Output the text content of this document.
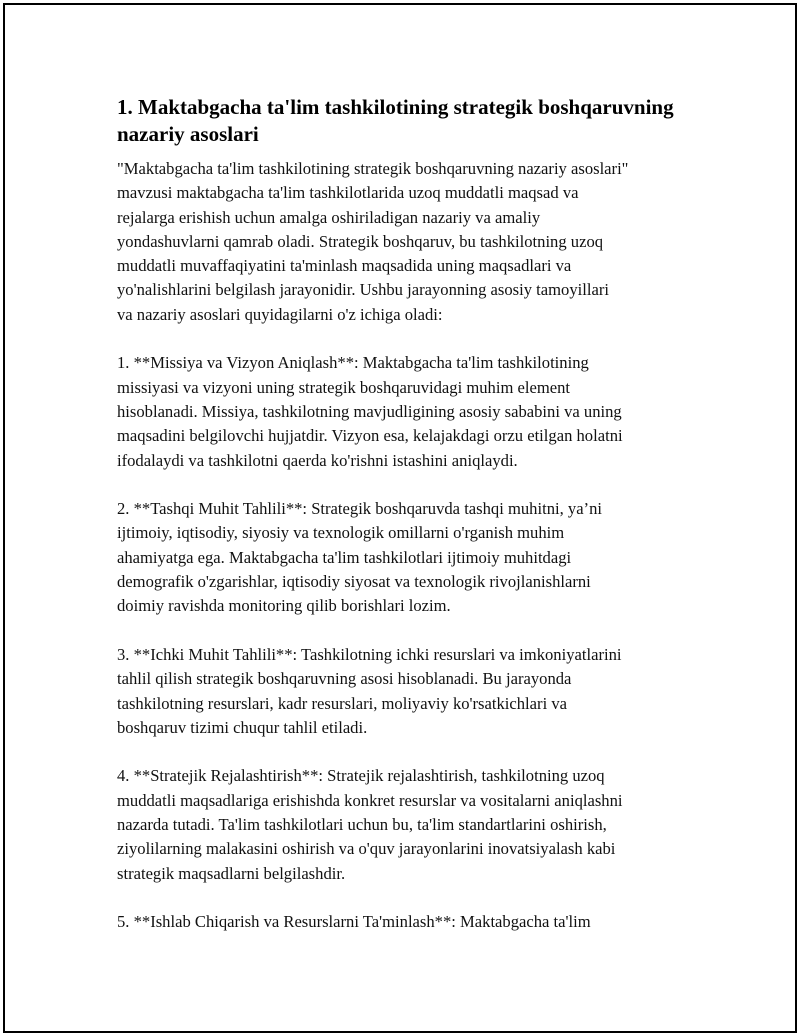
1. Maktabgacha ta'lim tashkilotining strategik boshqaruvning
nazariy asoslari

"Maktabgacha ta'lim tashkilotining strategik boshqaruvning nazariy asoslari"
mavzusi maktabgacha ta'lim tashkilotlarida uzoq muddatli maqsad va
rejalarga erishish uchun amalga oshiriladigan nazariy va amaliy
yondashuvlarni qamrab oladi. Strategik boshqaruv, bu tashkilotning uzoq
muddatli muvaffaqiyatini ta'minlash maqsadida uning maqsadlari va
yo'nalishlarini belgilash jarayonidir. Ushbu jarayonning asosiy tamoyillari
va nazariy asoslari quyidagilarni o'z ichiga oladi:

1. **Missiya va Vizyon Aniqlash**: Maktabgacha ta'lim tashkilotining
missiyasi va vizyoni uning strategik boshqaruvidagi muhim element
hisoblanadi. Missiya, tashkilotning mavjudligining asosiy sababini va uning
maqsadini belgilovchi hujjatdir. Vizyon esa, kelajakdagi orzu etilgan holatni
ifodalaydi va tashkilotni qaerda ko'rishni istashini aniqlaydi.

2. **Tashqi Muhit Tahlili**: Strategik boshqaruvda tashqi muhitni, ya’ni
ijtimoiy, iqtisodiy, siyosiy va texnologik omillarni o'rganish muhim
ahamiyatga ega. Maktabgacha ta'lim tashkilotlari ijtimoiy muhitdagi
demografik o'zgarishlar, iqtisodiy siyosat va texnologik rivojlanishlarni
doimiy ravishda monitoring qilib borishlari lozim.

3. **Ichki Muhit Tahlili**: Tashkilotning ichki resurslari va imkoniyatlarini
tahlil qilish strategik boshqaruvning asosi hisoblanadi. Bu jarayonda
tashkilotning resurslari, kadr resurslari, moliyaviy ko'rsatkichlari va
boshqaruv tizimi chuqur tahlil etiladi.

4. **Stratejik Rejalashtirish**: Stratejik rejalashtirish, tashkilotning uzoq
muddatli maqsadlariga erishishda konkret resurslar va vositalarni aniqlashni
nazarda tutadi. Ta'lim tashkilotlari uchun bu, ta'lim standartlarini oshirish,
ziyolilarning malakasini oshirish va o'quv jarayonlarini inovatsiyalash kabi
strategik maqsadlarni belgilashdir.

5. **Ishlab Chiqarish va Resurslarni Ta'minlash**: Maktabgacha ta'lim
